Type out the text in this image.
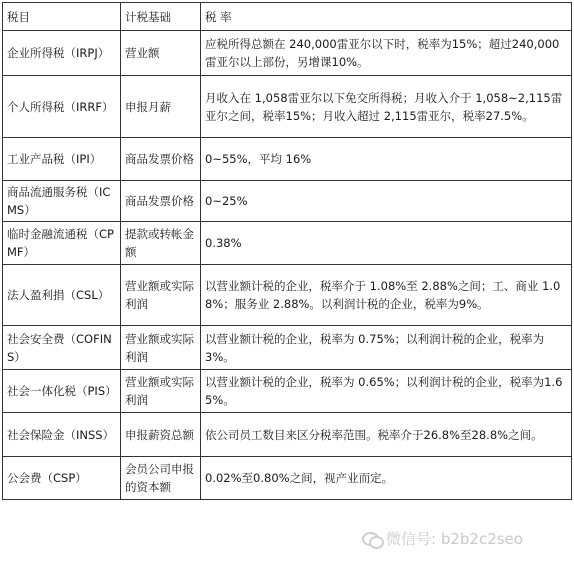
税目	计税基础	税 率
企业所得税（IRPJ）	营业额	应税所得总额在 240,000雷亚尔以下时，税率为15%；超过240,000雷亚尔以上部份，另增课10%。
个人所得税（IRRF）	申报月薪	月收入在 1,058雷亚尔以下免交所得税；月收入介于 1,058~2,115雷亚尔之间，税率15%；月收入超过 2,115雷亚尔，税率27.5%。
工业产品税（IPI）	商品发票价格	0~55%，平均 16%
商品流通服务税（ICMS）	商品发票价格	0~25%
临时金融流通税（CPMF）	提款或转帐金额	0.38%
法人盈利捐（CSL）	营业额或实际利润	以营业额计税的企业，税率介于 1.08%至 2.88%之间；工、商业 1.08%；服务业 2.88%。以利润计税的企业，税率为9%。
社会安全费（COFINS）	营业额或实际利润	以营业额计税的企业，税率为 0.75%；以利润计税的企业，税率为3%。
社会一体化税（PIS）	营业额或实际利润	以营业额计税的企业，税率为 0.65%；以利润计税的企业，税率为1.65%。
社会保险金（INSS）	申报薪资总额	依公司员工数目来区分税率范围。税率介于26.8%至28.8%之间。
公会费（CSP）	会员公司申报的资本额	0.02%至0.80%之间，视产业而定。
微信号: b2b2c2seo
